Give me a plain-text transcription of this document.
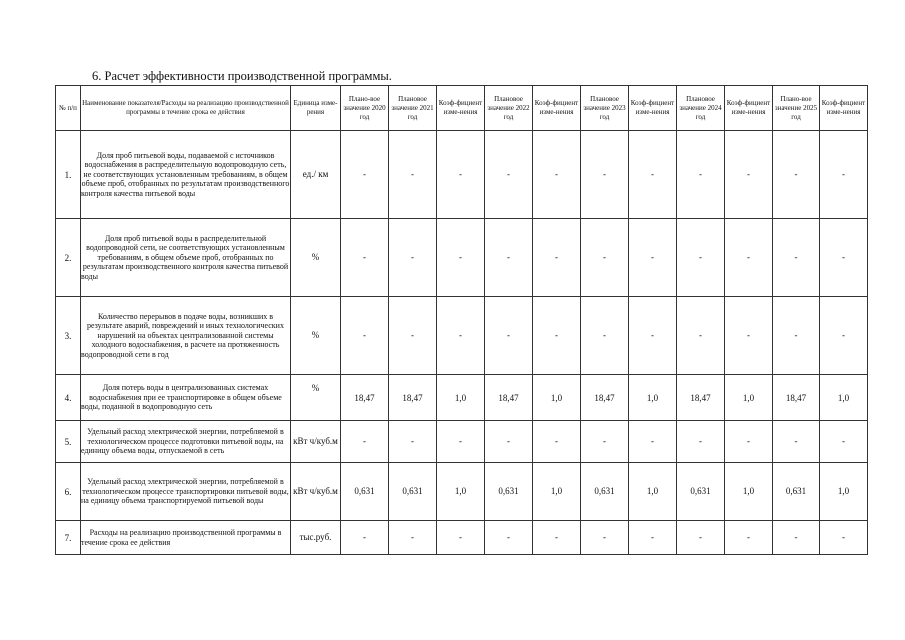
6. Расчет эффективности производственной программы.
№ п/п	Наименование показателя/Расходы на реализацию производственной программы в течение срока ее действия	Единица изме-рения	Плано-вое значение 2020 год	Плановое значение 2021 год	Коэф-фициент изме-нения	Плановое значение 2022 год	Коэф-фициент изме-нения	Плановое значение 2023 год	Коэф-фициент изме-нения	Плановое значение 2024 год	Коэф-фициент изме-нения	Плано-вое значение 2025 год	Коэф-фициент изме-нения
1.	Доля проб питьевой воды, подаваемой с источников водоснабжения в распределительную водопроводную сеть, не соответствующих установленным требованиям, в общем объеме проб, отобранных по результатам производственного контроля качества питьевой воды	ед./ км	-	-	-	-	-	-	-	-	-	-	-
2.	Доля проб питьевой воды в распределительной водопроводной сети, не соответствующих установленным требованиям, в общем объеме проб, отобранных по результатам производственного контроля качества питьевой воды	%	-	-	-	-	-	-	-	-	-	-	-
3.	Количество перерывов в подаче воды, возникших в результате аварий, повреждений и иных технологических нарушений на объектах централизованной системы холодного водоснабжения, в расчете на протяженность водопроводной сети в год	%	-	-	-	-	-	-	-	-	-	-	-
4.	Доля потерь воды в централизованных системах водоснабжения при ее транспортировке в общем объеме воды, поданной в водопроводную сеть	%	18,47	18,47	1,0	18,47	1,0	18,47	1,0	18,47	1,0	18,47	1,0
5.	Удельный расход электрической энергии, потребляемой в технологическом процессе подготовки питьевой воды, на единицу объема воды, отпускаемой в сеть	кВт ч/куб.м	-	-	-	-	-	-	-	-	-	-	-
6.	Удельный расход электрической энергии, потребляемой в технологическом процессе транспортировки питьевой воды, на единицу объема транспортируемой питьевой воды	кВт ч/куб.м	0,631	0,631	1,0	0,631	1,0	0,631	1,0	0,631	1,0	0,631	1,0
7.	Расходы на реализацию производственной программы в течение срока ее действия	тыс.руб.	-	-	-	-	-	-	-	-	-	-	-
